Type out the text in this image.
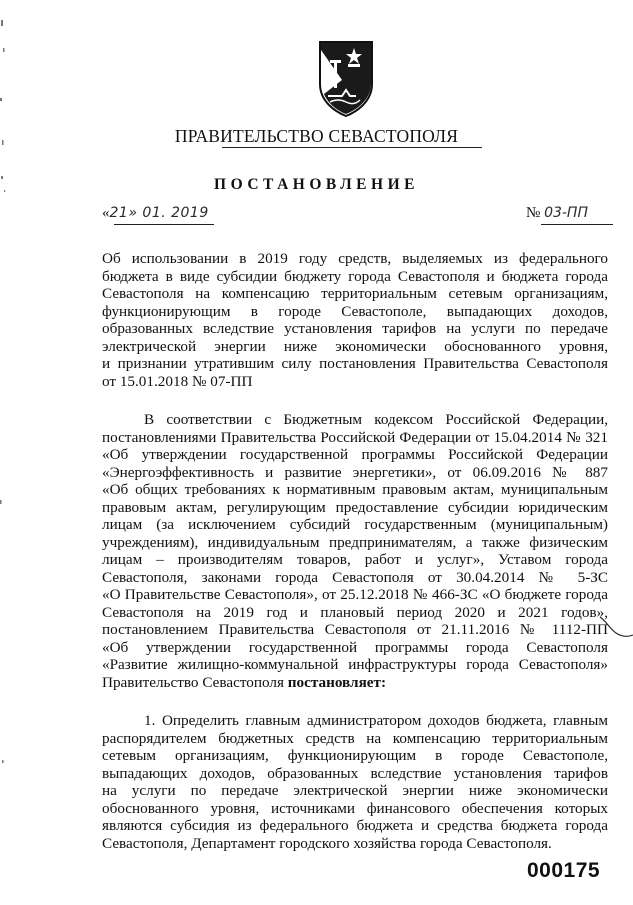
ПРАВИТЕЛЬСТВО СЕВАСТОПОЛЯ
ПОСТАНОВЛЕНИЕ
«21» 01. 2019	№ 03-ПП
Об использовании в 2019 году средств, выделяемых из федерального
бюджета в виде субсидии бюджету города Севастополя и бюджета города
Севастополя на компенсацию территориальным сетевым организациям,
функционирующим в городе Севастополе, выпадающих доходов,
образованных вследствие установления тарифов на услуги по передаче
электрической энергии ниже экономически обоснованного уровня,
и признании утратившим силу постановления Правительства Севастополя
от 15.01.2018 № 07-ПП
В соответствии с Бюджетным кодексом Российской Федерации,
постановлениями Правительства Российской Федерации от 15.04.2014 № 321
«Об утверждении государственной программы Российской Федерации
«Энергоэффективность и развитие энергетики», от 06.09.2016 № 887
«Об общих требованиях к нормативным правовым актам, муниципальным
правовым актам, регулирующим предоставление субсидии юридическим
лицам (за исключением субсидий государственным (муниципальным)
учреждениям), индивидуальным предпринимателям, а также физическим
лицам – производителям товаров, работ и услуг», Уставом города
Севастополя, законами города Севастополя от 30.04.2014 № 5-ЗС
«О Правительстве Севастополя», от 25.12.2018 № 466-ЗС «О бюджете города
Севастополя на 2019 год и плановый период 2020 и 2021 годов»,
постановлением Правительства Севастополя от 21.11.2016 № 1112-ПП
«Об утверждении государственной программы города Севастополя
«Развитие жилищно-коммунальной инфраструктуры города Севастополя»
Правительство Севастополя постановляет:
1. Определить главным администратором доходов бюджета, главным
распорядителем бюджетных средств на компенсацию территориальным
сетевым организациям, функционирующим в городе Севастополе,
выпадающих доходов, образованных вследствие установления тарифов
на услуги по передаче электрической энергии ниже экономически
обоснованного уровня, источниками финансового обеспечения которых
являются субсидия из федерального бюджета и средства бюджета города
Севастополя, Департамент городского хозяйства города Севастополя.
000175
